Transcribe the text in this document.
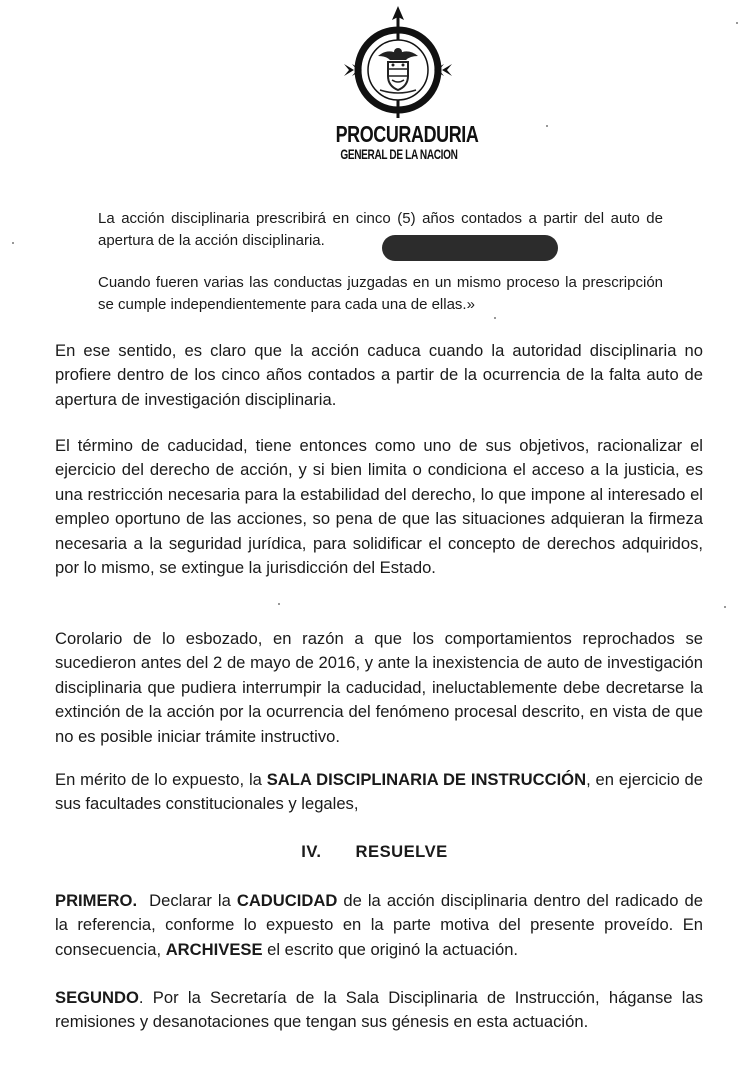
PROCURADURIA
GENERAL DE LA NACION
La acción disciplinaria prescribirá en cinco (5) años contados a partir del auto de apertura de la acción disciplinaria.
Cuando fueren varias las conductas juzgadas en un mismo proceso la prescripción se cumple independientemente para cada una de ellas.»
En ese sentido, es claro que la acción caduca cuando la autoridad disciplinaria no profiere dentro de los cinco años contados a partir de la ocurrencia de la falta auto de apertura de investigación disciplinaria.
El término de caducidad, tiene entonces como uno de sus objetivos, racionalizar el ejercicio del derecho de acción, y si bien limita o condiciona el acceso a la justicia, es una restricción necesaria para la estabilidad del derecho, lo que impone al interesado el empleo oportuno de las acciones, so pena de que las situaciones adquieran la firmeza necesaria a la seguridad jurídica, para solidificar el concepto de derechos adquiridos, por lo mismo, se extingue la jurisdicción del Estado.
Corolario de lo esbozado, en razón a que los comportamientos reprochados se sucedieron antes del 2 de mayo de 2016, y ante la inexistencia de auto de investigación disciplinaria que pudiera interrumpir la caducidad, ineluctablemente debe decretarse la extinción de la acción por la ocurrencia del fenómeno procesal descrito, en vista de que no es posible iniciar trámite instructivo.
En mérito de lo expuesto, la SALA DISCIPLINARIA DE INSTRUCCIÓN, en ejercicio de sus facultades constitucionales y legales,
IV. RESUELVE
PRIMERO.  Declarar la CADUCIDAD de la acción disciplinaria dentro del radicado de la referencia, conforme lo expuesto en la parte motiva del presente proveído. En consecuencia, ARCHIVESE el escrito que originó la actuación.
SEGUNDO. Por la Secretaría de la Sala Disciplinaria de Instrucción, háganse las remisiones y desanotaciones que tengan sus génesis en esta actuación.
